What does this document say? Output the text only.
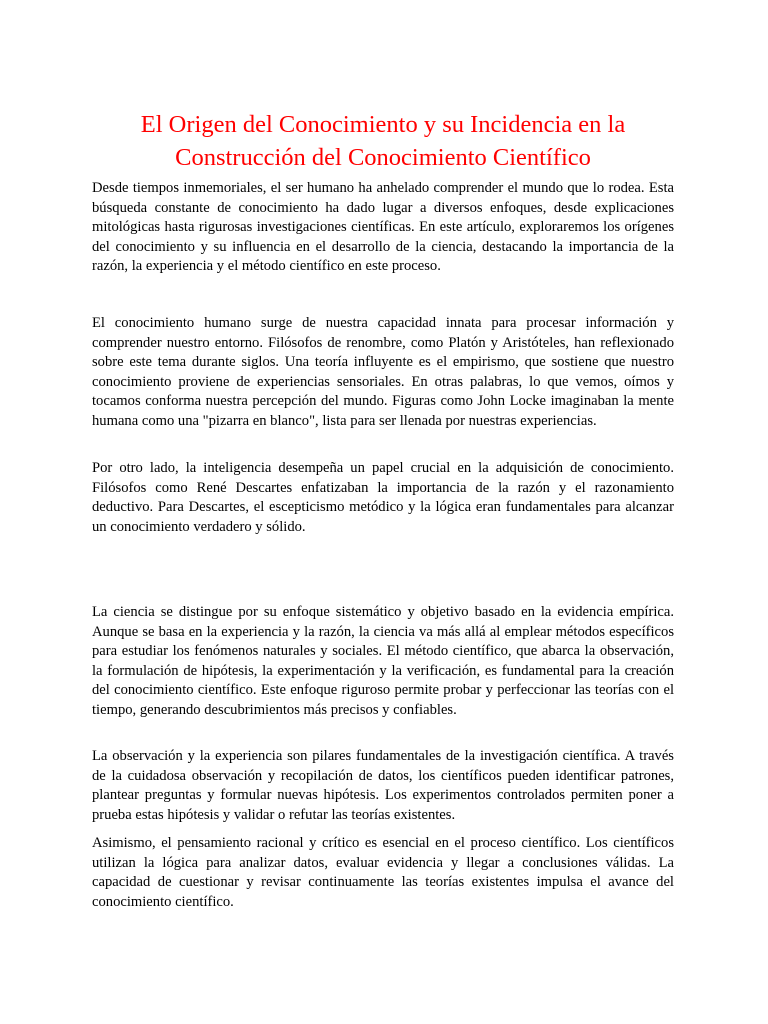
El Origen del Conocimiento y su Incidencia en la Construcción del Conocimiento Científico

Desde tiempos inmemoriales, el ser humano ha anhelado comprender el mundo que lo rodea. Esta búsqueda constante de conocimiento ha dado lugar a diversos enfoques, desde explicaciones mitológicas hasta rigurosas investigaciones científicas. En este artículo, exploraremos los orígenes del conocimiento y su influencia en el desarrollo de la ciencia, destacando la importancia de la razón, la experiencia y el método científico en este proceso.

El conocimiento humano surge de nuestra capacidad innata para procesar información y comprender nuestro entorno. Filósofos de renombre, como Platón y Aristóteles, han reflexionado sobre este tema durante siglos. Una teoría influyente es el empirismo, que sostiene que nuestro conocimiento proviene de experiencias sensoriales. En otras palabras, lo que vemos, oímos y tocamos conforma nuestra percepción del mundo. Figuras como John Locke imaginaban la mente humana como una "pizarra en blanco", lista para ser llenada por nuestras experiencias.

Por otro lado, la inteligencia desempeña un papel crucial en la adquisición de conocimiento. Filósofos como René Descartes enfatizaban la importancia de la razón y el razonamiento deductivo. Para Descartes, el escepticismo metódico y la lógica eran fundamentales para alcanzar un conocimiento verdadero y sólido.

La ciencia se distingue por su enfoque sistemático y objetivo basado en la evidencia empírica. Aunque se basa en la experiencia y la razón, la ciencia va más allá al emplear métodos específicos para estudiar los fenómenos naturales y sociales. El método científico, que abarca la observación, la formulación de hipótesis, la experimentación y la verificación, es fundamental para la creación del conocimiento científico. Este enfoque riguroso permite probar y perfeccionar las teorías con el tiempo, generando descubrimientos más precisos y confiables.

La observación y la experiencia son pilares fundamentales de la investigación científica. A través de la cuidadosa observación y recopilación de datos, los científicos pueden identificar patrones, plantear preguntas y formular nuevas hipótesis. Los experimentos controlados permiten poner a prueba estas hipótesis y validar o refutar las teorías existentes.

Asimismo, el pensamiento racional y crítico es esencial en el proceso científico. Los científicos utilizan la lógica para analizar datos, evaluar evidencia y llegar a conclusiones válidas. La capacidad de cuestionar y revisar continuamente las teorías existentes impulsa el avance del conocimiento científico.
